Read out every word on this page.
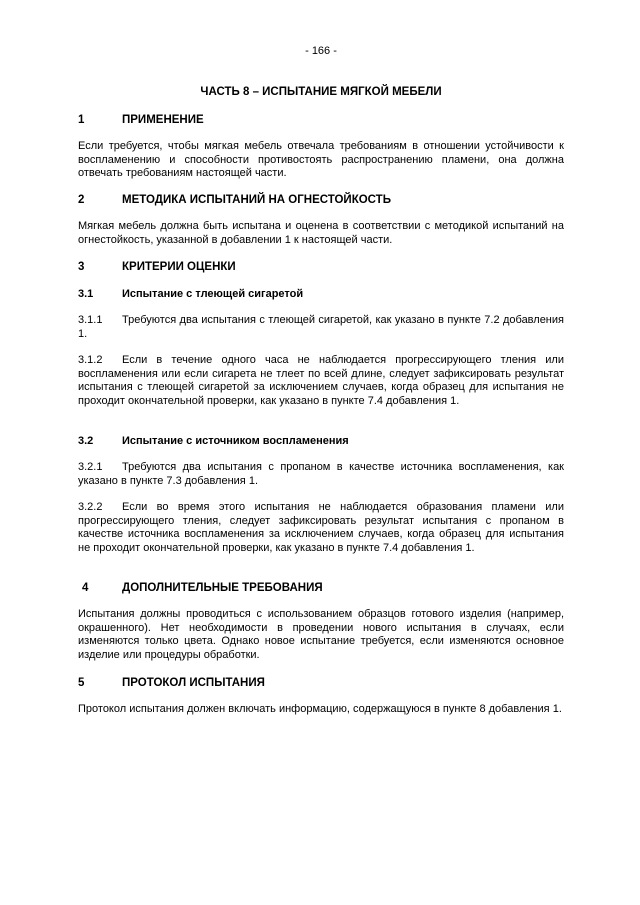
- 166 -
ЧАСТЬ 8 – ИСПЫТАНИЕ МЯГКОЙ МЕБЕЛИ
1	ПРИМЕНЕНИЕ
Если требуется, чтобы мягкая мебель отвечала требованиям в отношении устойчивости к воспламенению и способности противостоять распространению пламени, она должна отвечать требованиям настоящей части.
2	МЕТОДИКА ИСПЫТАНИЙ НА ОГНЕСТОЙКОСТЬ
Мягкая мебель должна быть испытана и оценена в соответствии с методикой испытаний на огнестойкость, указанной в добавлении 1 к настоящей части.
3	КРИТЕРИИ ОЦЕНКИ
3.1	Испытание с тлеющей сигаретой
3.1.1 Требуются два испытания с тлеющей сигаретой, как указано в пункте 7.2 добавления 1.
3.1.2 Если в течение одного часа не наблюдается прогрессирующего тления или воспламенения или если сигарета не тлеет по всей длине, следует зафиксировать результат испытания с тлеющей сигаретой за исключением случаев, когда образец для испытания не проходит окончательной проверки, как указано в пункте 7.4 добавления 1.
3.2	Испытание с источником воспламенения
3.2.1 Требуются два испытания с пропаном в качестве источника воспламенения, как указано в пункте 7.3 добавления 1.
3.2.2 Если во время этого испытания не наблюдается образования пламени или прогрессирующего тления, следует зафиксировать результат испытания с пропаном в качестве источника воспламенения за исключением случаев, когда образец для испытания не проходит окончательной проверки, как указано в пункте 7.4 добавления 1.
4	ДОПОЛНИТЕЛЬНЫЕ ТРЕБОВАНИЯ
Испытания должны проводиться с использованием образцов готового изделия (например, окрашенного). Нет необходимости в проведении нового испытания в случаях, если изменяются только цвета. Однако новое испытание требуется, если изменяются основное изделие или процедуры обработки.
5	ПРОТОКОЛ ИСПЫТАНИЯ
Протокол испытания должен включать информацию, содержащуюся в пункте 8 добавления 1.
